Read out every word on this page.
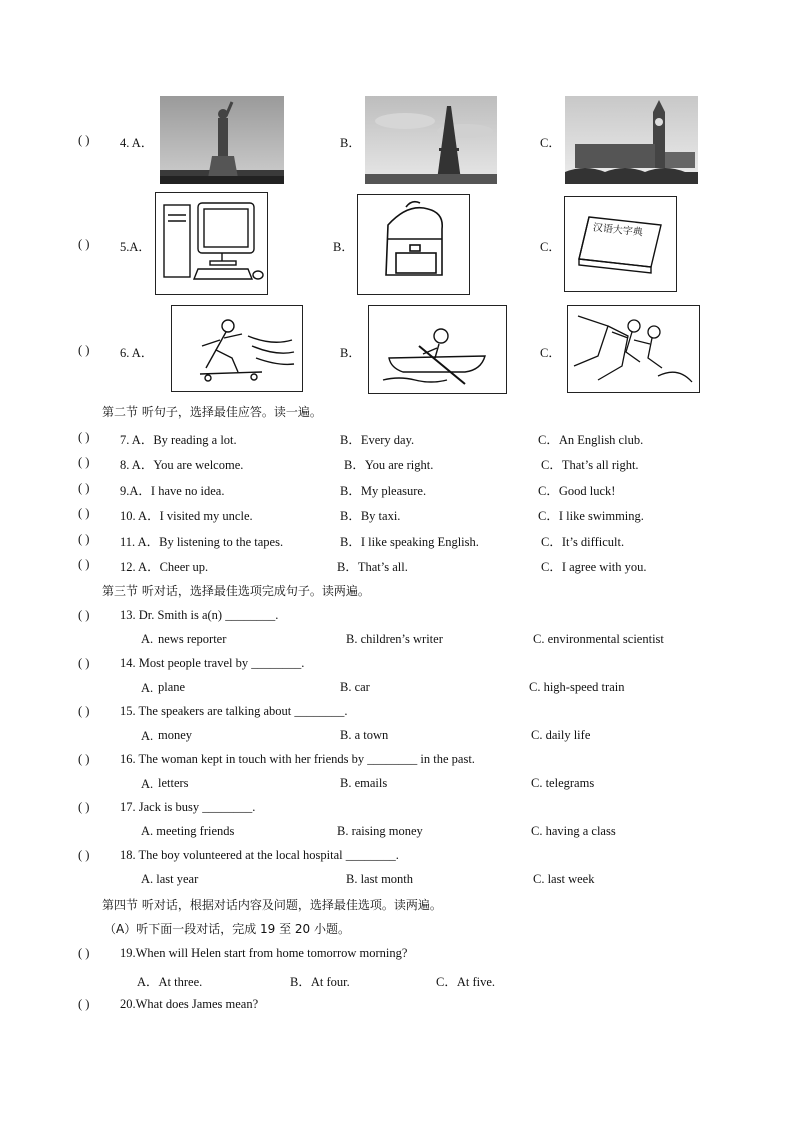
( ) 4. A．	B．	C．
( ) 5.A．	B．	C．
汉语大字典
( ) 6. A．	B．	C．
第二节 听句子，选择最佳应答。读一遍。
( ) 7. A．By reading a lot.	B．Every day.	C．An English club.
( ) 8. A．You are welcome.	B．You are right.	C．That’s all right.
( ) 9.A．I have no idea.	B．My pleasure.	C．Good luck!
( ) 10. A．I visited my uncle.	B．By taxi.	C．I like swimming.
( ) 11. A．By listening to the tapes.	B．I like speaking English.	C．It’s difficult.
( ) 12. A．Cheer up.	B．That’s all.	C．I agree with you.
第三节 听对话，选择最佳选项完成句子。读两遍。
( ) 13. Dr. Smith is a(n) ________.
A. news reporter	B. children’s writer	C. environmental scientist
( ) 14. Most people travel by ________.
A. plane	B. car	C. high-speed train
( ) 15. The speakers are talking about ________.
A. money	B. a town	C. daily life
( ) 16. The woman kept in touch with her friends by ________ in the past.
A. letters	B. emails	C. telegrams
( ) 17. Jack is busy ________.
A. meeting friends	B. raising money	C. having a class
( ) 18. The boy volunteered at the local hospital ________.
A. last year	B. last month	C. last week
第四节 听对话，根据对话内容及问题，选择最佳选项。读两遍。
（A）听下面一段对话，完成 19 至 20 小题。
( ) 19.When will Helen start from home tomorrow morning?
A．At three.	B．At four.	C．At five.
( ) 20.What does James mean?
